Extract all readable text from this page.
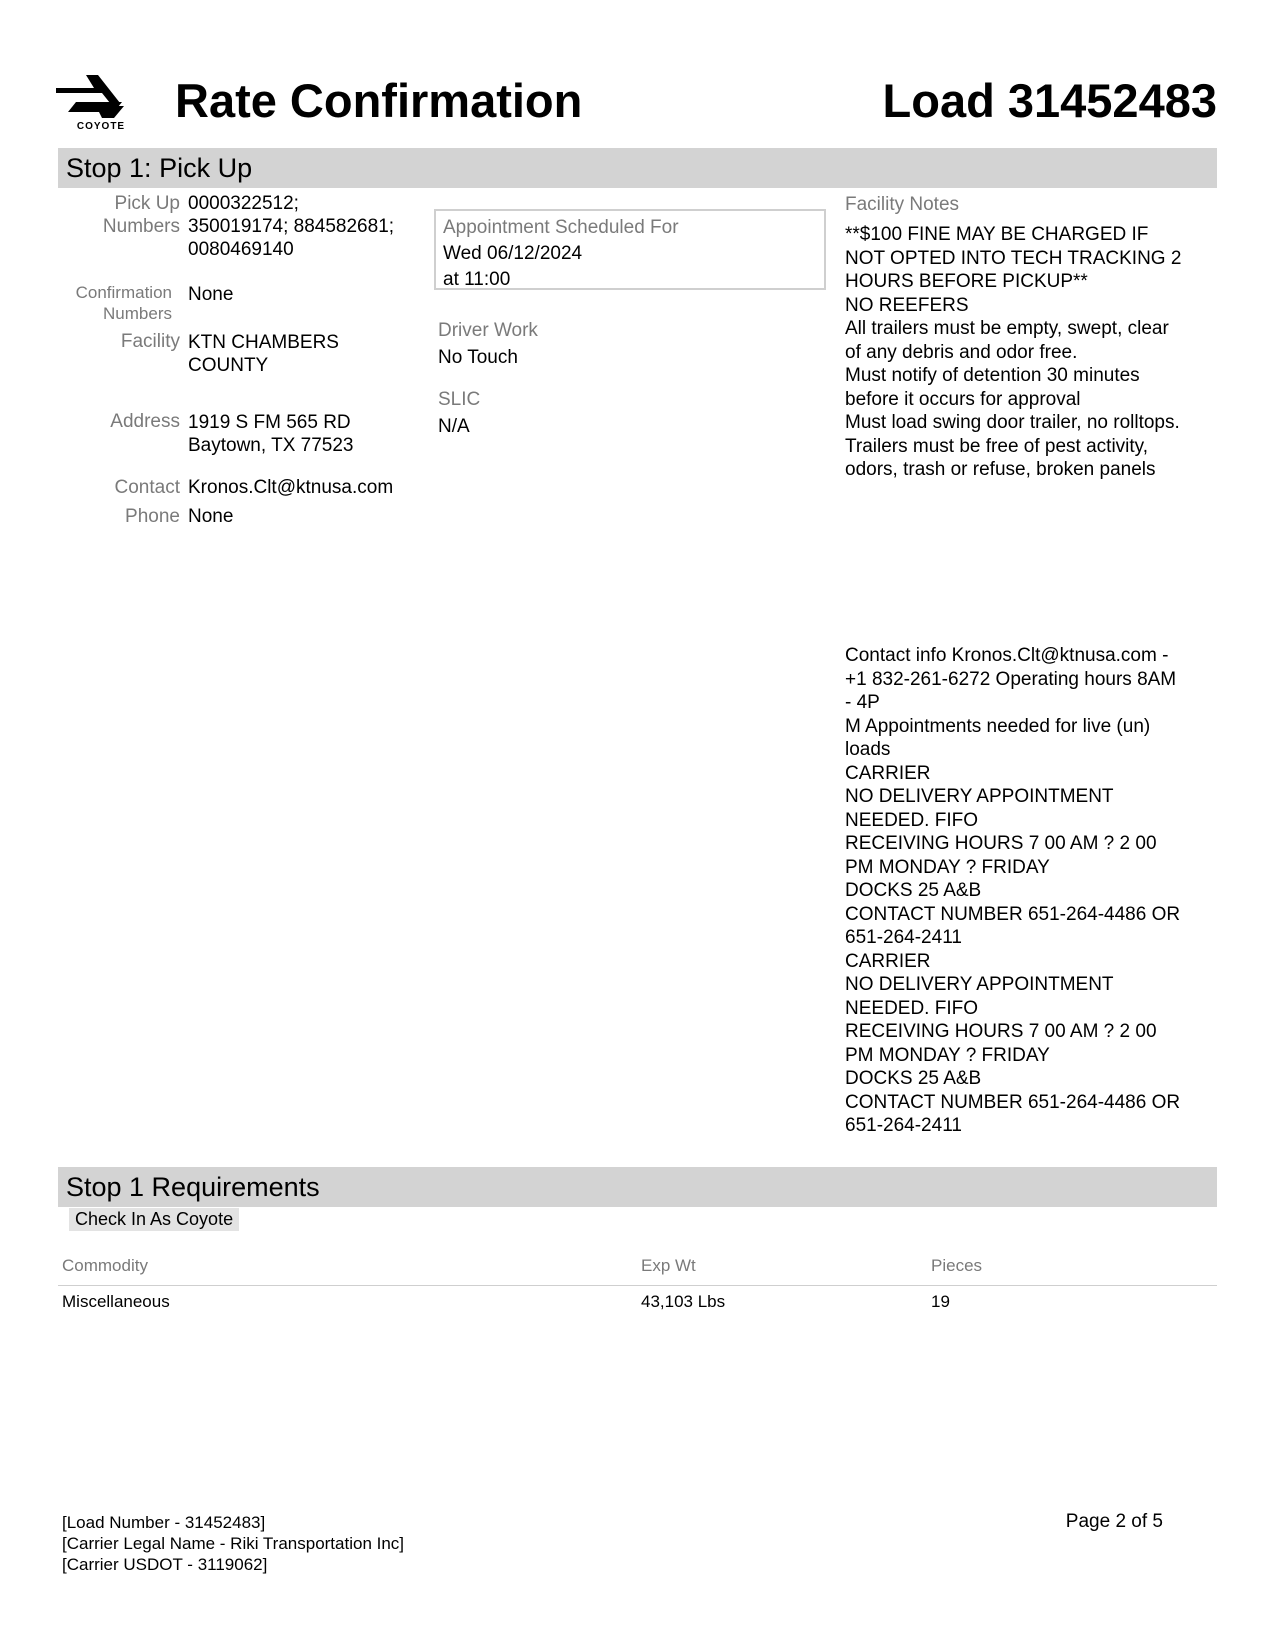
COYOTE Rate Confirmation	Load 31452483
Stop 1: Pick Up
Pick Up
Numbers
0000322512;
350019174; 884582681;
0080469140
Confirmation
Numbers
None
Facility KTN CHAMBERS
COUNTY
Address 1919 S FM 565 RD
Baytown, TX 77523
Contact Kronos.Clt@ktnusa.com
Phone None
Appointment Scheduled For
Wed 06/12/2024
at 11:00
Driver Work
No Touch
SLIC
N/A
Facility Notes
**$100 FINE MAY BE CHARGED IF
NOT OPTED INTO TECH TRACKING 2
HOURS BEFORE PICKUP**
NO REEFERS
All trailers must be empty, swept, clear
of any debris and odor free.
Must notify of detention 30 minutes
before it occurs for approval
Must load swing door trailer, no rolltops.
Trailers must be free of pest activity,
odors, trash or refuse, broken panels
Contact info Kronos.Clt@ktnusa.com -
+1 832-261-6272 Operating hours 8AM
- 4P
M Appointments needed for live (un)
loads
CARRIER
NO DELIVERY APPOINTMENT
NEEDED. FIFO
RECEIVING HOURS 7 00 AM ? 2 00
PM MONDAY ? FRIDAY
DOCKS 25 A&B
CONTACT NUMBER 651-264-4486 OR
651-264-2411
CARRIER
NO DELIVERY APPOINTMENT
NEEDED. FIFO
RECEIVING HOURS 7 00 AM ? 2 00
PM MONDAY ? FRIDAY
DOCKS 25 A&B
CONTACT NUMBER 651-264-4486 OR
651-264-2411
Stop 1 Requirements
Check In As Coyote
Commodity	Exp Wt	Pieces
Miscellaneous	43,103 Lbs	19
[Load Number - 31452483]
[Carrier Legal Name - Riki Transportation Inc]
[Carrier USDOT - 3119062]
Page 2 of 5
